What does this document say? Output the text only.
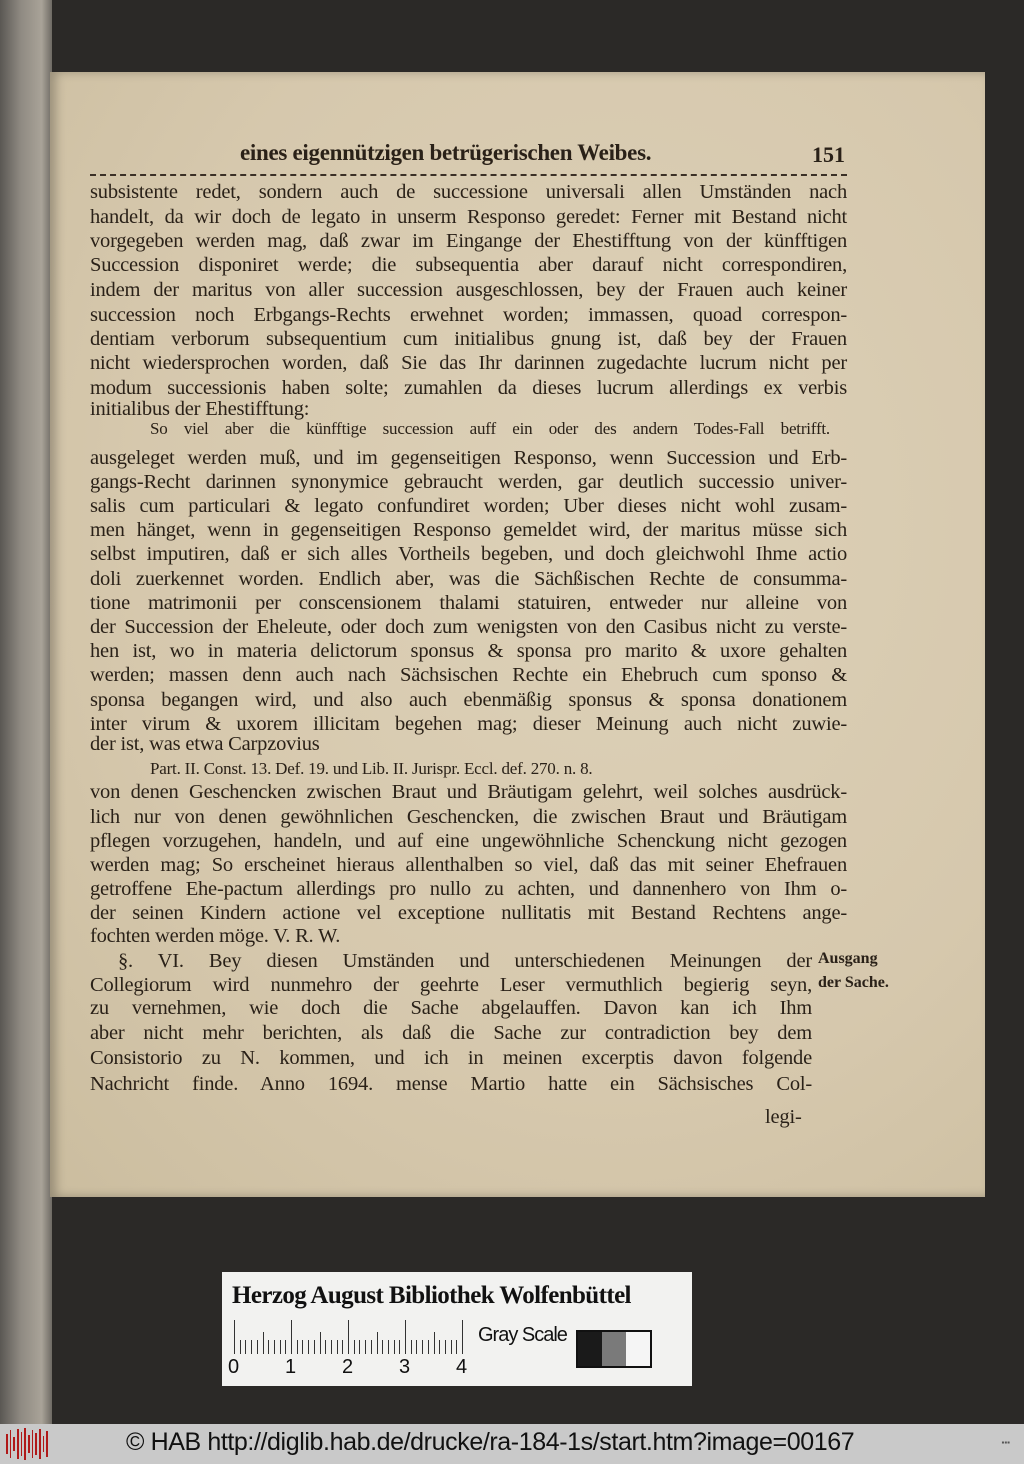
eines eigennützigen betrügerischen Weibes.	151
subsistente redet, sondern auch de successione universali allen Umständen nach
handelt, da wir doch de legato in unserm Responso geredet: Ferner mit Bestand nicht
vorgegeben werden mag, daß zwar im Eingange der Ehestifftung von der künfftigen
Succession disponiret werde; die subsequentia aber darauf nicht correspondiren,
indem der maritus von aller succession ausgeschlossen, bey der Frauen auch keiner
succession noch Erbgangs-Rechts erwehnet worden; immassen, quoad correspon-
dentiam verborum subsequentium cum initialibus gnung ist, daß bey der Frauen
nicht wiedersprochen worden, daß Sie das Ihr darinnen zugedachte lucrum nicht per
modum successionis haben solte; zumahlen da dieses lucrum allerdings ex verbis
initialibus der Ehestifftung:
So viel aber die künfftige succession auff ein oder des andern Todes-Fall betrifft.
ausgeleget werden muß, und im gegenseitigen Responso, wenn Succession und Erb-
gangs-Recht darinnen synonymice gebraucht werden, gar deutlich successio univer-
salis cum particulari & legato confundiret worden; Uber dieses nicht wohl zusam-
men hänget, wenn in gegenseitigen Responso gemeldet wird, der maritus müsse sich
selbst imputiren, daß er sich alles Vortheils begeben, und doch gleichwohl Ihme actio
doli zuerkennet worden. Endlich aber, was die Sächßischen Rechte de consumma-
tione matrimonii per conscensionem thalami statuiren, entweder nur alleine von
der Succession der Eheleute, oder doch zum wenigsten von den Casibus nicht zu verste-
hen ist, wo in materia delictorum sponsus & sponsa pro marito & uxore gehalten
werden; massen denn auch nach Sächsischen Rechte ein Ehebruch cum sponso &
sponsa begangen wird, und also auch ebenmäßig sponsus & sponsa donationem
inter virum & uxorem illicitam begehen mag; dieser Meinung auch nicht zuwie-
der ist, was etwa Carpzovius
Part. II. Const. 13. Def. 19. und Lib. II. Jurispr. Eccl. def. 270. n. 8.
von denen Geschencken zwischen Braut und Bräutigam gelehrt, weil solches ausdrück-
lich nur von denen gewöhnlichen Geschencken, die zwischen Braut und Bräutigam
pflegen vorzugehen, handeln, und auf eine ungewöhnliche Schenckung nicht gezogen
werden mag; So erscheinet hieraus allenthalben so viel, daß das mit seiner Ehefrauen
getroffene Ehe-pactum allerdings pro nullo zu achten, und dannenhero von Ihm o-
der seinen Kindern actione vel exceptione nullitatis mit Bestand Rechtens ange-
fochten werden möge. V. R. W.
§. VI. Bey diesen Umständen und unterschiedenen Meinungen der
Collegiorum wird nunmehro der geehrte Leser vermuthlich begierig seyn,
zu vernehmen, wie doch die Sache abgelauffen. Davon kan ich Ihm
aber nicht mehr berichten, als daß die Sache zur contradiction bey dem
Consistorio zu N. kommen, und ich in meinen excerptis davon folgende
Nachricht finde. Anno 1694. mense Martio hatte ein Sächsisches Col-
legi-
Ausgang
der Sache.
Herzog August Bibliothek Wolfenbüttel
0 1 2 3 4
Gray Scale
© HAB http://diglib.hab.de/drucke/ra-184-1s/start.htm?image=00167	▪▪▪
